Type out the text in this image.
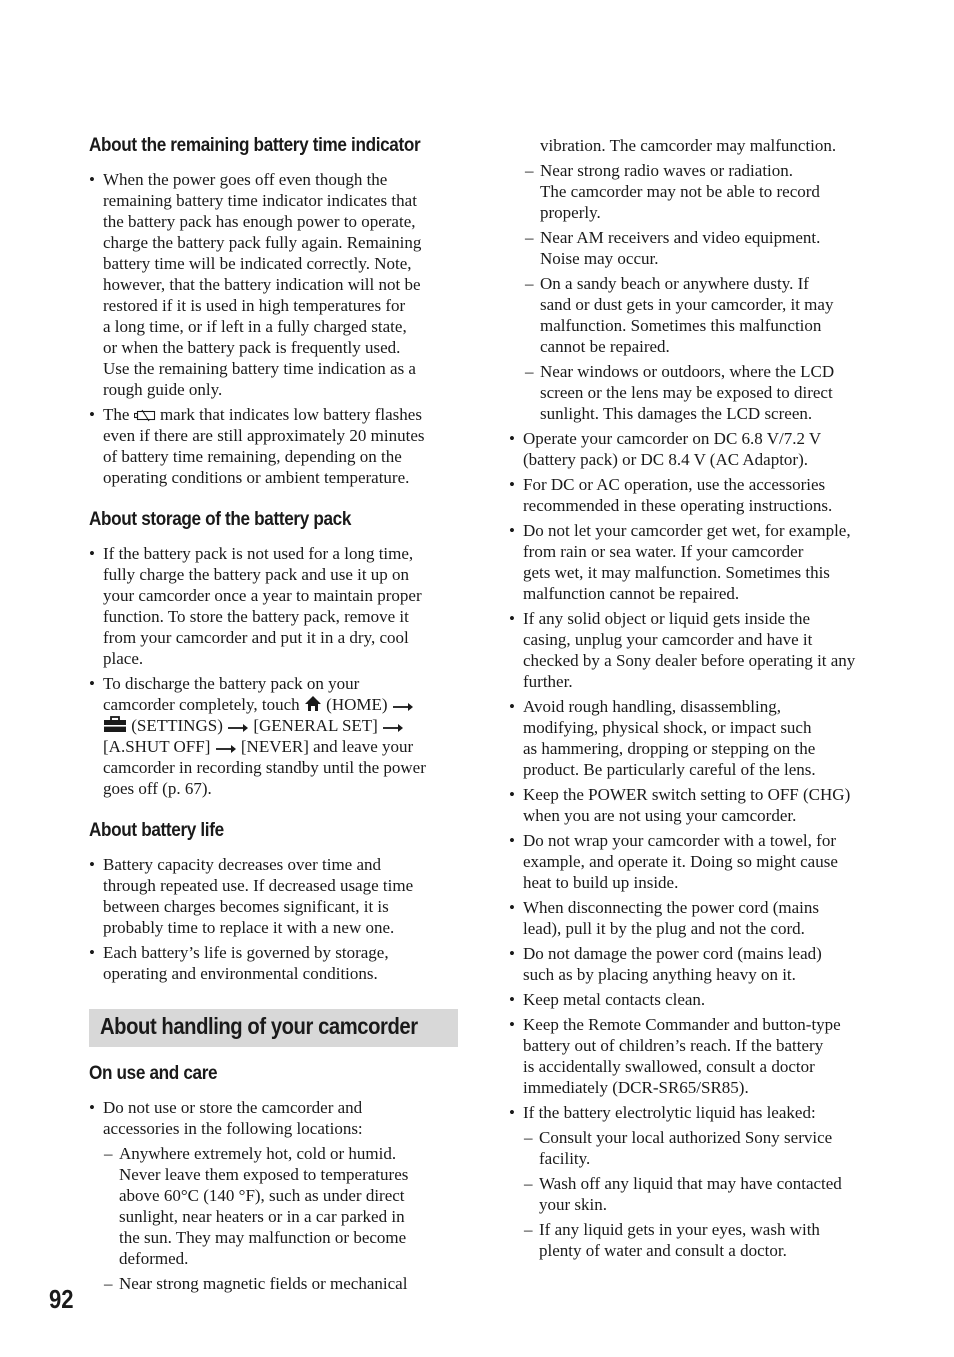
About the remaining battery time indicator
• When the power goes off even though the
remaining battery time indicator indicates that
the battery pack has enough power to operate,
charge the battery pack fully again. Remaining
battery time will be indicated correctly. Note,
however, that the battery indication will not be
restored if it is used in high temperatures for
a long time, or if left in a fully charged state,
or when the battery pack is frequently used.
Use the remaining battery time indication as a
rough guide only.
• The mark that indicates low battery flashes
even if there are still approximately 20 minutes
of battery time remaining, depending on the
operating conditions or ambient temperature.
About storage of the battery pack
• If the battery pack is not used for a long time,
fully charge the battery pack and use it up on
your camcorder once a year to maintain proper
function. To store the battery pack, remove it
from your camcorder and put it in a dry, cool
place.
• To discharge the battery pack on your
camcorder completely, touch (HOME)
(SETTINGS) [GENERAL SET]
[A.SHUT OFF] [NEVER] and leave your
camcorder in recording standby until the power
goes off (p. 67).
About battery life
• Battery capacity decreases over time and
through repeated use. If decreased usage time
between charges becomes significant, it is
probably time to replace it with a new one.
• Each battery’s life is governed by storage,
operating and environmental conditions.
About handling of your camcorder
On use and care
• Do not use or store the camcorder and
accessories in the following locations:
– Anywhere extremely hot, cold or humid.
Never leave them exposed to temperatures
above 60°C (140 °F), such as under direct
sunlight, near heaters or in a car parked in
the sun. They may malfunction or become
deformed.
– Near strong magnetic fields or mechanical
vibration. The camcorder may malfunction.
– Near strong radio waves or radiation.
The camcorder may not be able to record
properly.
– Near AM receivers and video equipment.
Noise may occur.
– On a sandy beach or anywhere dusty. If
sand or dust gets in your camcorder, it may
malfunction. Sometimes this malfunction
cannot be repaired.
– Near windows or outdoors, where the LCD
screen or the lens may be exposed to direct
sunlight. This damages the LCD screen.
• Operate your camcorder on DC 6.8 V/7.2 V
(battery pack) or DC 8.4 V (AC Adaptor).
• For DC or AC operation, use the accessories
recommended in these operating instructions.
• Do not let your camcorder get wet, for example,
from rain or sea water. If your camcorder
gets wet, it may malfunction. Sometimes this
malfunction cannot be repaired.
• If any solid object or liquid gets inside the
casing, unplug your camcorder and have it
checked by a Sony dealer before operating it any
further.
• Avoid rough handling, disassembling,
modifying, physical shock, or impact such
as hammering, dropping or stepping on the
product. Be particularly careful of the lens.
• Keep the POWER switch setting to OFF (CHG)
when you are not using your camcorder.
• Do not wrap your camcorder with a towel, for
example, and operate it. Doing so might cause
heat to build up inside.
• When disconnecting the power cord (mains
lead), pull it by the plug and not the cord.
• Do not damage the power cord (mains lead)
such as by placing anything heavy on it.
• Keep metal contacts clean.
• Keep the Remote Commander and button-type
battery out of children’s reach. If the battery
is accidentally swallowed, consult a doctor
immediately (DCR-SR65/SR85).
• If the battery electrolytic liquid has leaked:
– Consult your local authorized Sony service
facility.
– Wash off any liquid that may have contacted
your skin.
– If any liquid gets in your eyes, wash with
plenty of water and consult a doctor.

92
